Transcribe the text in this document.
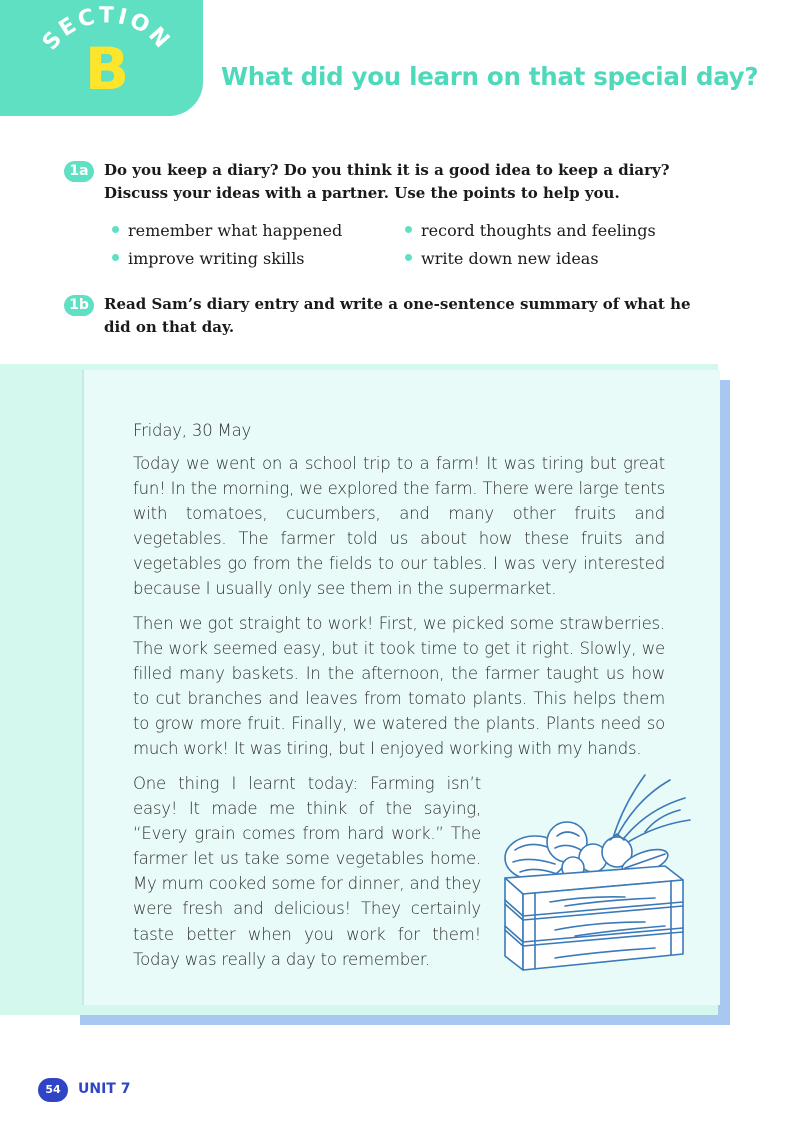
SECTION
B	What did you learn on that special day?
1a	Do you keep a diary? Do you think it is a good idea to keep a diary? Discuss your ideas with a partner. Use the points to help you.
remember what happened	record thoughts and feelings
improve writing skills	write down new ideas
1b	Read Sam’s diary entry and write a one-sentence summary of what he did on that day.
Friday, 30 May
Today we went on a school trip to a farm! It was tiring but great fun! In the morning, we explored the farm. There were large tents with tomatoes, cucumbers, and many other fruits and vegetables. The farmer told us about how these fruits and vegetables go from the fields to our tables. I was very interested because I usually only see them in the supermarket.
Then we got straight to work! First, we picked some strawberries. The work seemed easy, but it took time to get it right. Slowly, we filled many baskets. In the afternoon, the farmer taught us how to cut branches and leaves from tomato plants. This helps them to grow more fruit. Finally, we watered the plants. Plants need so much work! It was tiring, but I enjoyed working with my hands.
One thing I learnt today: Farming isn’t easy! It made me think of the saying, “Every grain comes from hard work.” The farmer let us take some vegetables home. My mum cooked some for dinner, and they were fresh and delicious! They certainly taste better when you work for them! Today was really a day to remember.
54	UNIT 7
